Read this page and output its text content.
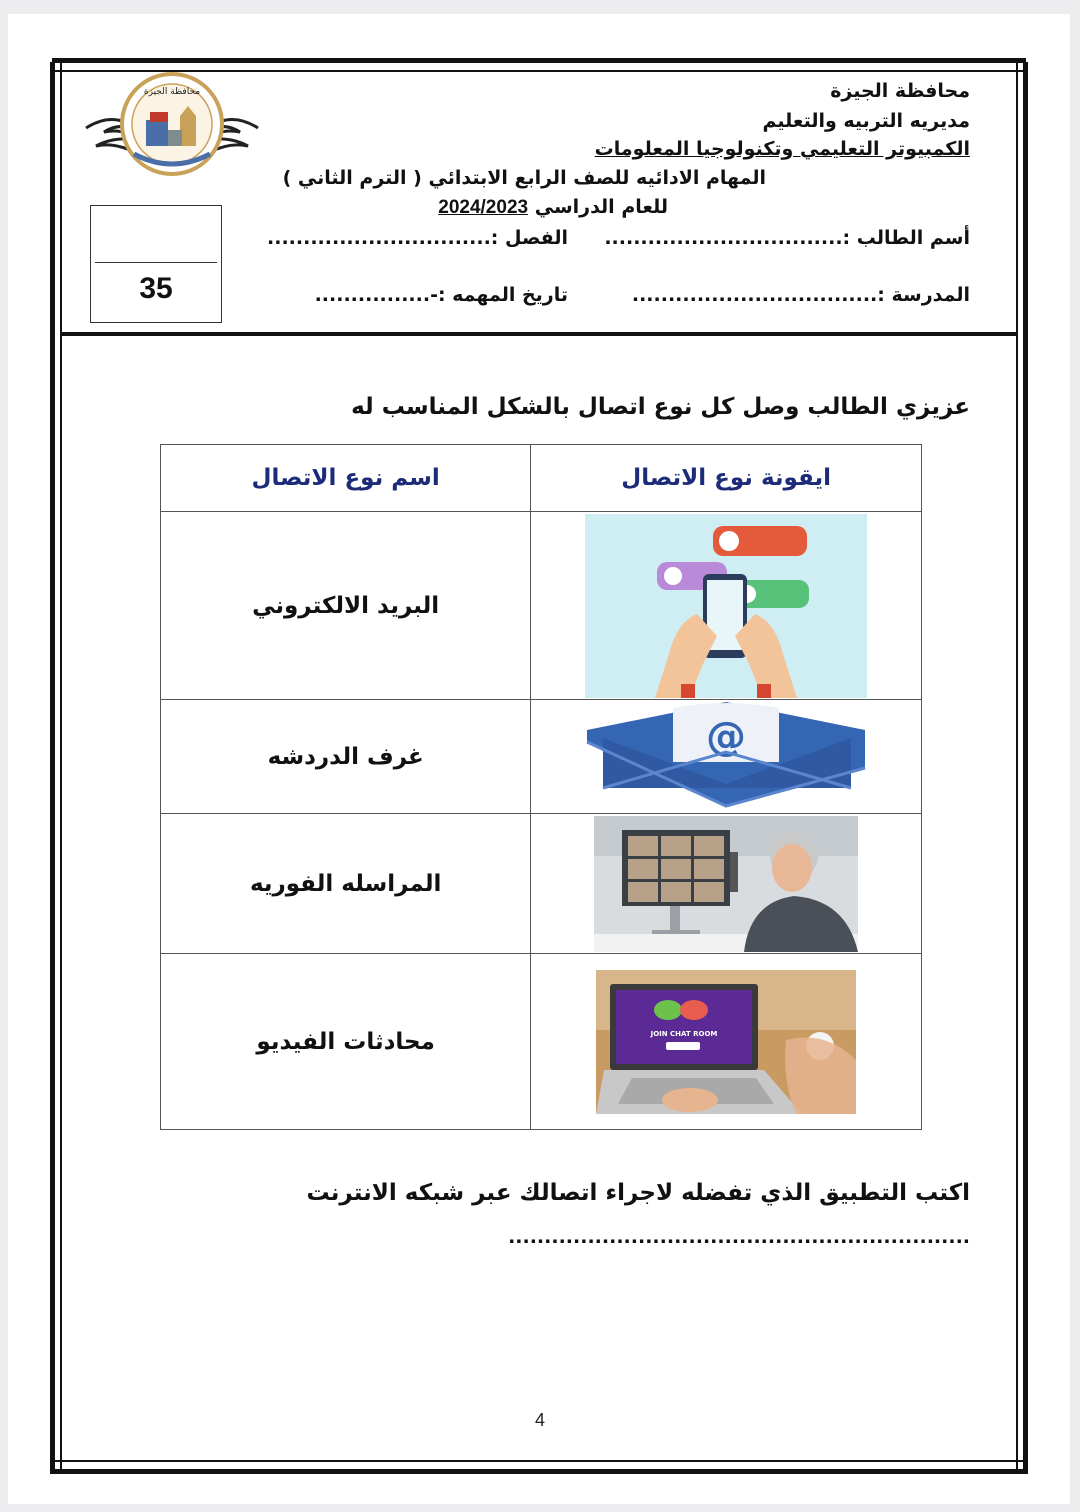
محافظة الجيزة	محافظة الجيزة
مديريه التربيه والتعليم
الكمبيوتر التعليمي وتكنولوجيا المعلومات
المهام الادائيه للصف الرابع الابتدائي ( الترم الثاني )
للعام الدراسي 2024/2023
35
أسم الطالب :.................................
الفصل :...............................
المدرسة :..................................
تاريخ المهمه :-................
عزيزي الطالب وصل كل نوع اتصال بالشكل المناسب له
ايقونة نوع الاتصال	اسم نوع الاتصال

	البريد الالكتروني

@	غرف الدردشه

	المراسله الفوريه

JOIN CHAT ROOM	محادثات الفيديو
اكتب التطبيق الذي تفضله لاجراء اتصالك عبر شبكه الانترنت
................................................................
4
